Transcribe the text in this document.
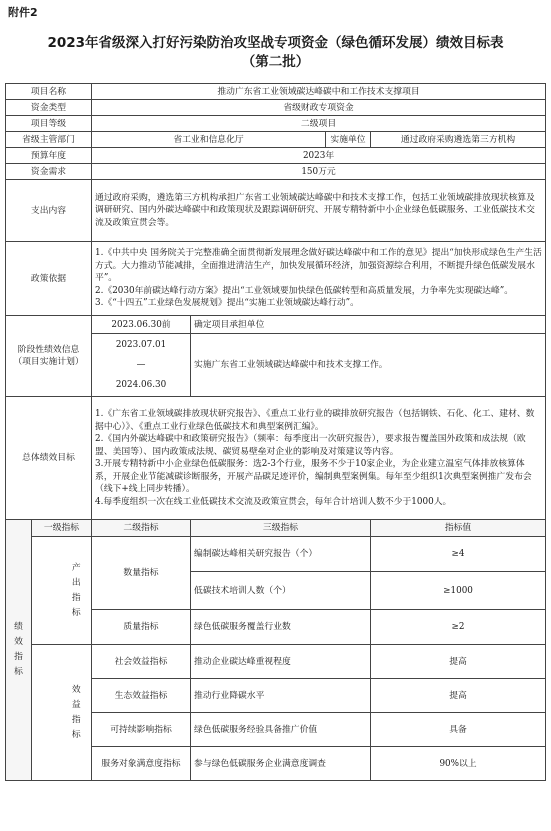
附件2
2023年省级深入打好污染防治攻坚战专项资金（绿色循环发展）绩效目标表
（第二批）
项目名称			推动广东省工业领域碳达峰碳中和工作技术支撑项目			
资金类型			省级财政专项资金			
项目等级			二级项目			
省级主管部门			省工业和信息化厅		实施单位	通过政府采购遴选第三方机构
预算年度			2023年			
资金需求			150万元			
支出内容			通过政府采购，遴选第三方机构承担广东省工业领域碳达峰碳中和技术支撑工作，包括工业领域碳排放现状核算及调研研究、国内外碳达峰碳中和政策现状及跟踪调研研究、开展专精特新中小企业绿色低碳服务、工业低碳技术交流及政策宣贯会等。			
政策依据			1.《中共中央 国务院关于完整准确全面贯彻新发展理念做好碳达峰碳中和工作的意见》提出“加快形成绿色生产生活方式。大力推动节能减排，全面推进清洁生产，加快发展循环经济，加强资源综合利用，不断提升绿色低碳发展水平”。
2.《2030年前碳达峰行动方案》提出“工业领域要加快绿色低碳转型和高质量发展，力争率先实现碳达峰”。
3.《“十四五”工业绿色发展规划》提出“实施工业领域碳达峰行动”。			

阶段性绩效信息（项目实施计划）			2023.06.30前	确定项目承担单位		

			2023.07.01
—
2024.06.30	实施广东省工业领域碳达峰碳中和技术支撑工作。		
总体绩效目标			1.《广东省工业领域碳排放现状研究报告》、《重点工业行业的碳排放研究报告（包括钢铁、石化、化工、建材、数据中心）》、《重点工业行业绿色低碳技术和典型案例汇编》。
2.《国内外碳达峰碳中和政策研究报告》（频率：每季度出一次研究报告），要求报告覆盖国外政策和成法规（欧盟、美国等）、国内政策成法规、碳贸易壁垒对企业的影响及对策建议等内容。
3.开展专精特新中小企业绿色低碳服务：选2-3个行业，服务不少于10家企业，为企业建立温室气体排放核算体系，开展企业节能减碳诊断服务，开展产品碳足迹评价，编制典型案例集。每年至少组织1次典型案例推广发布会（线下+线上同步转播）。
4.每季度组织一次在线工业低碳技术交流及政策宣贯会，每年合计培训人数不少于1000人。			

绩效指标	一级指标		二级指标	三级指标		指标值

		产出指标	数量指标	编制碳达峰相关研究报告（个）		≥4
				低碳技术培训人数（个）		≥1000
			质量指标	绿色低碳服务覆盖行业数		≥2

		效益指标	社会效益指标	推动企业碳达峰重视程度		提高
			生态效益指标	推动行业降碳水平		提高
			可持续影响指标	绿色低碳服务经验具备推广价值		具备
			服务对象满意度指标	参与绿色低碳服务企业满意度调查		90%以上
